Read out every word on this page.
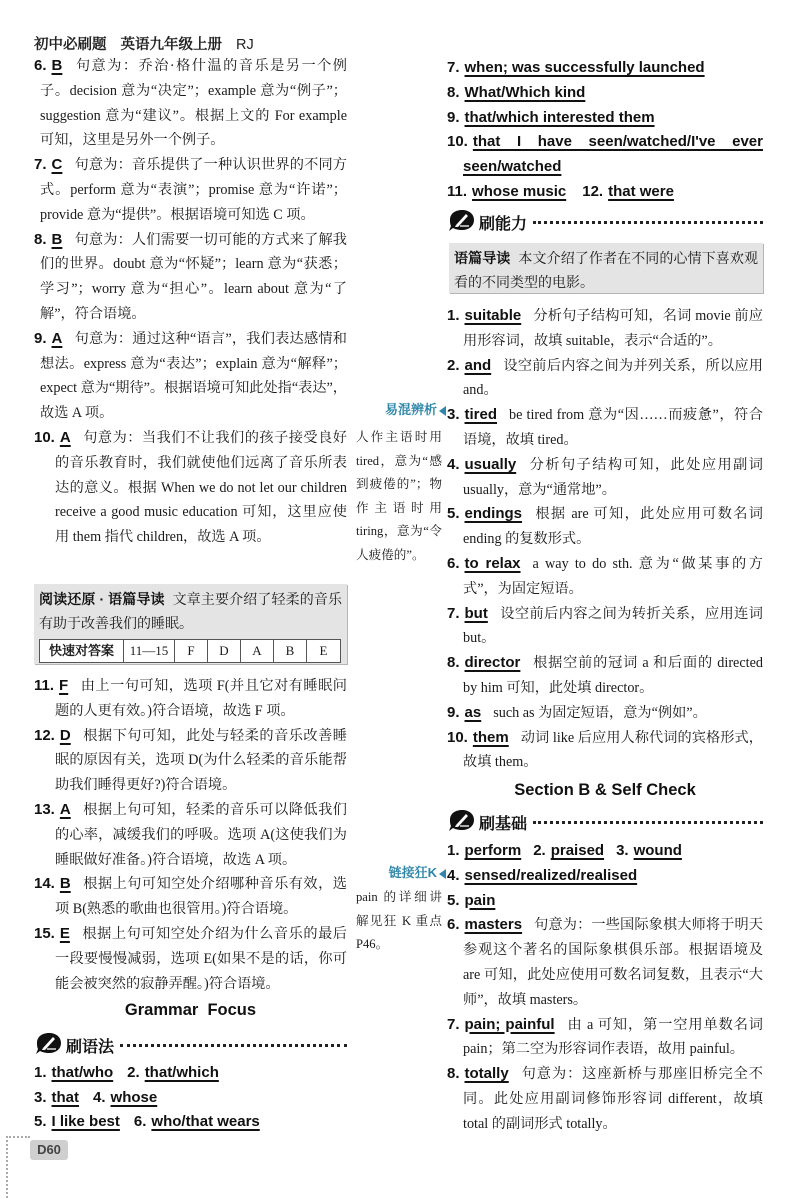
初中必刷题 英语九年级上册 RJ
6. B 句意为：乔治·格什温的音乐是另一个例子。decision 意为“决定”；example 意为“例子”；suggestion 意为“建议”。根据上文的 For example 可知，这里是另外一个例子。
7. C 句意为：音乐提供了一种认识世界的不同方式。perform 意为“表演”；promise 意为“许诺”；provide 意为“提供”。根据语境可知选 C 项。
8. B 句意为：人们需要一切可能的方式来了解我们的世界。doubt 意为“怀疑”；learn 意为“获悉；学习”；worry 意为“担心”。learn about 意为“了解”，符合语境。
9. A 句意为：通过这种“语言”，我们表达感情和想法。express 意为“表达”；explain 意为“解释”；expect 意为“期待”。根据语境可知此处指“表达”，故选 A 项。
10. A 句意为：当我们不让我们的孩子接受良好的音乐教育时，我们就使他们远离了音乐所表达的意义。根据 When we do not let our children receive a good music education 可知，这里应使用 them 指代 children，故选 A 项。
阅读还原 · 语篇导读 文章主要介绍了轻柔的音乐有助于改善我们的睡眠。
快速对答案	11—15	F	D	A	B	E
11. F 由上一句可知，选项 F(并且它对有睡眠问题的人更有效。)符合语境，故选 F 项。
12. D 根据下句可知，此处与轻柔的音乐改善睡眠的原因有关，选项 D(为什么轻柔的音乐能帮助我们睡得更好?)符合语境。
13. A 根据上句可知，轻柔的音乐可以降低我们的心率，减缓我们的呼吸。选项 A(这使我们为睡眠做好准备。)符合语境，故选 A 项。
14. B 根据上句可知空处介绍哪种音乐有效，选项 B(熟悉的歌曲也很管用。)符合语境。
15. E 根据上句可知空处介绍为什么音乐的最后一段要慢慢减弱，选项 E(如果不是的话，你可能会被突然的寂静弄醒。)符合语境。
Grammar  Focus
刷语法
1. that/who 2. that/which
3. that 4. whose
5. I like best 6. who/that wears
易混辨析
人作主语时用 tired，意为“感到疲倦的”；物作主语时用 tiring，意为“令人疲倦的”。
链接狂K
pain 的详细讲解见狂 K 重点 P46。
7. when; was successfully launched
8. What/Which kind
9. that/which interested them
10. that I have seen/watched/I've ever seen/watched
11. whose music 12. that were
刷能力
语篇导读 本文介绍了作者在不同的心情下喜欢观看的不同类型的电影。
1. suitable 分析句子结构可知，名词 movie 前应用形容词，故填 suitable，表示“合适的”。
2. and 设空前后内容之间为并列关系，所以应用 and。
3. tired be tired from 意为“因……而疲惫”，符合语境，故填 tired。
4. usually 分析句子结构可知，此处应用副词 usually，意为“通常地”。
5. endings 根据 are 可知，此处应用可数名词 ending 的复数形式。
6. to relax a way to do sth. 意为“做某事的方式”，为固定短语。
7. but 设空前后内容之间为转折关系，应用连词 but。
8. director 根据空前的冠词 a 和后面的 directed by him 可知，此处填 director。
9. as such as 为固定短语，意为“例如”。
10. them 动词 like 后应用人称代词的宾格形式，故填 them。
Section B & Self Check
刷基础
1. perform 2. praised 3. wound
4. sensed/realized/realised
5. pain
6. masters 句意为：一些国际象棋大师将于明天参观这个著名的国际象棋俱乐部。根据语境及 are 可知，此处应使用可数名词复数，且表示“大师”，故填 masters。
7. pain; painful 由 a 可知，第一空用单数名词 pain；第二空为形容词作表语，故用 painful。
8. totally 句意为：这座新桥与那座旧桥完全不同。此处应用副词修饰形容词 different，故填 total 的副词形式 totally。
D60
